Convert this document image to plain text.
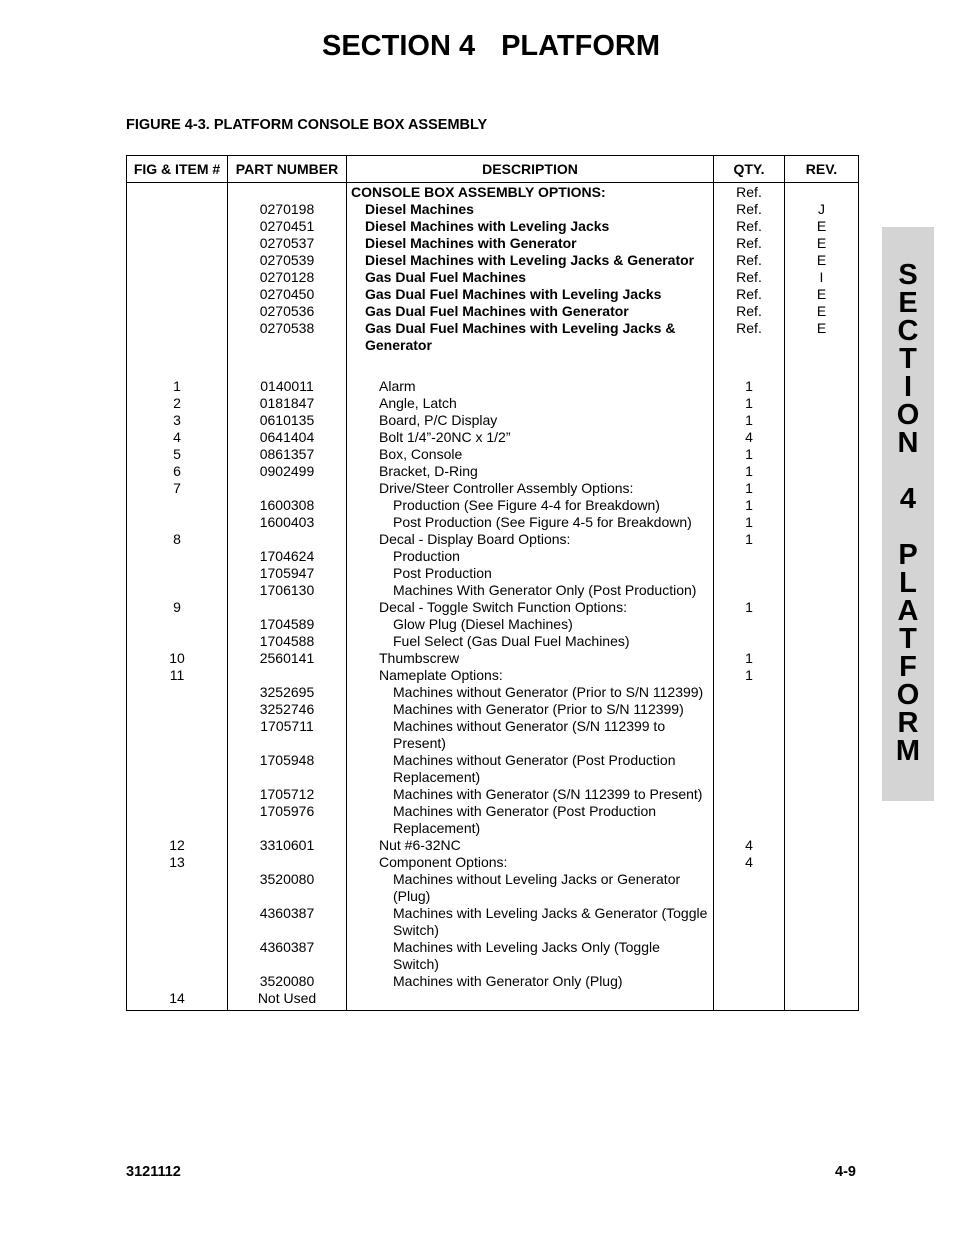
SECTION 4 PLATFORM
FIGURE 4-3. PLATFORM CONSOLE BOX ASSEMBLY
FIG & ITEM #	PART NUMBER	DESCRIPTION	QTY.	REV.
		CONSOLE BOX ASSEMBLY OPTIONS:	Ref.	
	0270198	Diesel Machines	Ref.	J
	0270451	Diesel Machines with Leveling Jacks	Ref.	E
	0270537	Diesel Machines with Generator	Ref.	E
	0270539	Diesel Machines with Leveling Jacks & Generator	Ref.	E
	0270128	Gas Dual Fuel Machines	Ref.	I
	0270450	Gas Dual Fuel Machines with Leveling Jacks	Ref.	E
	0270536	Gas Dual Fuel Machines with Generator	Ref.	E
	0270538	Gas Dual Fuel Machines with Leveling Jacks & Generator	Ref.	E
1	0140011	Alarm	1	
2	0181847	Angle, Latch	1	
3	0610135	Board, P/C Display	1	
4	0641404	Bolt 1/4”-20NC x 1/2”	4	
5	0861357	Box, Console	1	
6	0902499	Bracket, D-Ring	1	
7		Drive/Steer Controller Assembly Options:	1	
	1600308	Production (See Figure 4-4 for Breakdown)	1	
	1600403	Post Production (See Figure 4-5 for Breakdown)	1	
8		Decal - Display Board Options:	1	
	1704624	Production		
	1705947	Post Production		
	1706130	Machines With Generator Only (Post Production)		
9		Decal - Toggle Switch Function Options:	1	
	1704589	Glow Plug (Diesel Machines)		
	1704588	Fuel Select (Gas Dual Fuel Machines)		
10	2560141	Thumbscrew	1	
11		Nameplate Options:	1	
	3252695	Machines without Generator (Prior to S/N 112399)		
	3252746	Machines with Generator (Prior to S/N 112399)		
	1705711	Machines without Generator (S/N 112399 to Present)		
	1705948	Machines without Generator (Post Production Replacement)		
	1705712	Machines with Generator (S/N 112399 to Present)		
	1705976	Machines with Generator (Post Production Replacement)		
12	3310601	Nut #6-32NC	4	
13		Component Options:	4	
	3520080	Machines without Leveling Jacks or Generator (Plug)		
	4360387	Machines with Leveling Jacks & Generator (Toggle Switch)		
	4360387	Machines with Leveling Jacks Only (Toggle Switch)		
	3520080	Machines with Generator Only (Plug)		
14	Not Used			
S
E
C
T
I
O
N
4
P
L
A
T
F
O
R
M
3121112	4-9
